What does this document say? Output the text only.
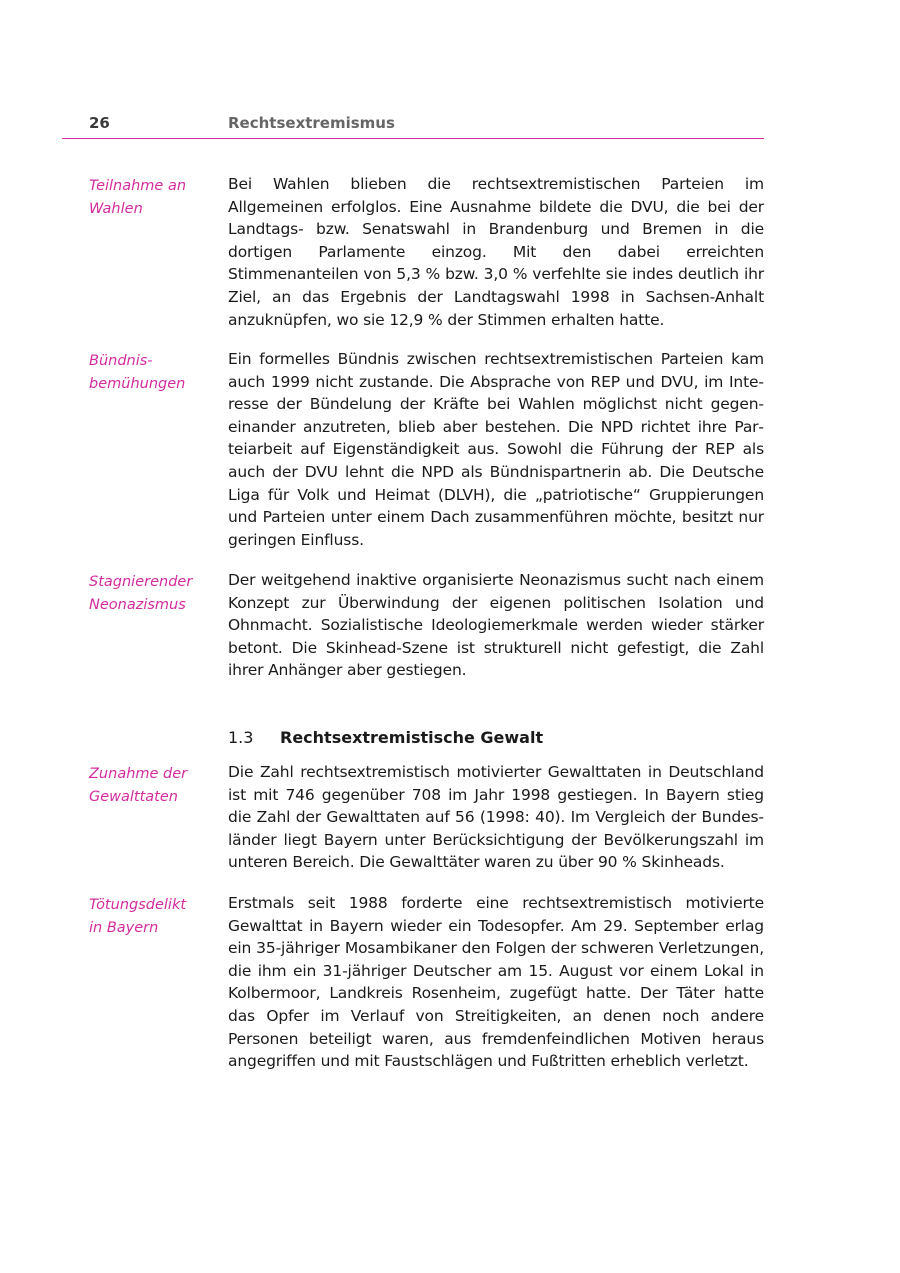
26	Rechtsextremismus
Teilnahme an
Wahlen
Bei Wahlen blieben die rechtsextremistischen Parteien im Allgemeinen erfolglos. Eine Ausnahme bildete die DVU, die bei der Landtags- bzw. Senatswahl in Brandenburg und Bremen in die dortigen Parlamente einzog. Mit den dabei erreichten Stimmenanteilen von 5,3 % bzw. 3,0 % verfehlte sie indes deutlich ihr Ziel, an das Ergebnis der Landtagswahl 1998 in Sachsen-Anhalt anzuknüpfen, wo sie 12,9 % der Stimmen erhalten hatte.
Bündnis-
bemühungen
Ein formelles Bündnis zwischen rechtsextremistischen Parteien kam auch 1999 nicht zustande. Die Absprache von REP und DVU, im Interesse der Bündelung der Kräfte bei Wahlen möglichst nicht gegeneinander anzutreten, blieb aber bestehen. Die NPD richtet ihre Parteiarbeit auf Eigenständigkeit aus. Sowohl die Führung der REP als auch der DVU lehnt die NPD als Bündnispartnerin ab. Die Deutsche Liga für Volk und Heimat (DLVH), die „patriotische“ Gruppierungen und Parteien unter einem Dach zusammenführen möchte, besitzt nur geringen Einfluss.
Stagnierender
Neonazismus
Der weitgehend inaktive organisierte Neonazismus sucht nach einem Konzept zur Überwindung der eigenen politischen Isolation und Ohnmacht. Sozialistische Ideologiemerkmale werden wieder stärker betont. Die Skinhead-Szene ist strukturell nicht gefestigt, die Zahl ihrer Anhänger aber gestiegen.
1.3 Rechtsextremistische Gewalt
Zunahme der
Gewalttaten
Die Zahl rechtsextremistisch motivierter Gewalttaten in Deutschland ist mit 746 gegenüber 708 im Jahr 1998 gestiegen. In Bayern stieg die Zahl der Gewalttaten auf 56 (1998: 40). Im Vergleich der Bundesländer liegt Bayern unter Berücksichtigung der Bevölkerungszahl im unteren Bereich. Die Gewalttäter waren zu über 90 % Skinheads.
Tötungsdelikt
in Bayern
Erstmals seit 1988 forderte eine rechtsextremistisch motivierte Gewalttat in Bayern wieder ein Todesopfer. Am 29. September erlag ein 35-jähriger Mosambikaner den Folgen der schweren Verletzungen, die ihm ein 31-jähriger Deutscher am 15. August vor einem Lokal in Kolbermoor, Landkreis Rosenheim, zugefügt hatte. Der Täter hatte das Opfer im Verlauf von Streitigkeiten, an denen noch andere Personen beteiligt waren, aus fremdenfeindlichen Motiven heraus angegriffen und mit Faustschlägen und Fußtritten erheblich verletzt.
